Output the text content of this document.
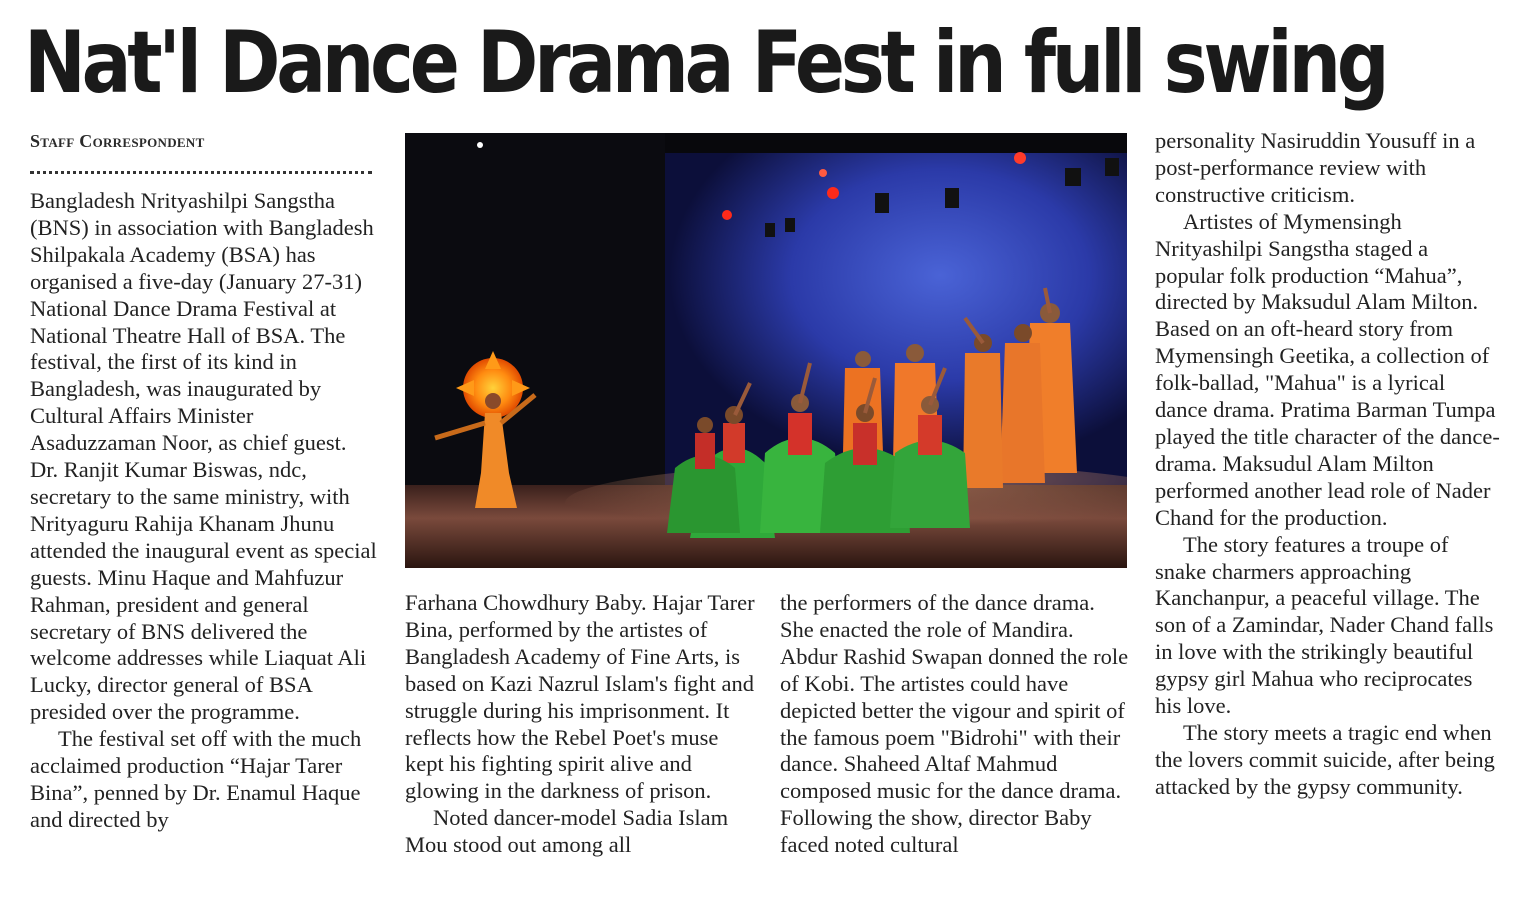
Nat'l Dance Drama Fest in full swing
Staff Correspondent

Bangladesh Nrityashilpi Sangstha (BNS) in association with Bangladesh Shilpakala Academy (BSA) has organised a five-day (January 27-31) National Dance Drama Festival at National Theatre Hall of BSA. The festival, the first of its kind in Bangladesh, was inaugurated by Cultural Affairs Minister Asaduzzaman Noor, as chief guest. Dr. Ranjit Kumar Biswas, ndc, secretary to the same ministry, with Nrityaguru Rahija Khanam Jhunu attended the inaugural event as special guests. Minu Haque and Mahfuzur Rahman, president and general secretary of BNS delivered the welcome addresses while Liaquat Ali Lucky, director general of BSA presided over the programme.

The festival set off with the much acclaimed production “Hajar Tarer Bina”, penned by Dr. Enamul Haque and directed by

Farhana Chowdhury Baby. Hajar Tarer Bina, performed by the artistes of Bangladesh Academy of Fine Arts, is based on Kazi Nazrul Islam's fight and struggle during his imprisonment. It reflects how the Rebel Poet's muse kept his fighting spirit alive and glowing in the darkness of prison.

Noted dancer-model Sadia Islam Mou stood out among all

the performers of the dance drama. She enacted the role of Mandira. Abdur Rashid Swapan donned the role of Kobi. The artistes could have depicted better the vigour and spirit of the famous poem "Bidrohi" with their dance. Shaheed Altaf Mahmud composed music for the dance drama. Following the show, director Baby faced noted cultural

personality Nasiruddin Yousuff in a post-performance review with constructive criticism.

Artistes of Mymensingh Nrityashilpi Sangstha staged a popular folk production “Mahua”, directed by Maksudul Alam Milton. Based on an oft-heard story from Mymensingh Geetika, a collection of folk-ballad, "Mahua" is a lyrical dance drama. Pratima Barman Tumpa played the title character of the dance-drama. Maksudul Alam Milton performed another lead role of Nader Chand for the production.

The story features a troupe of snake charmers approaching Kanchanpur, a peaceful village. The son of a Zamindar, Nader Chand falls in love with the strikingly beautiful gypsy girl Mahua who reciprocates his love.

The story meets a tragic end when the lovers commit suicide, after being attacked by the gypsy community.
